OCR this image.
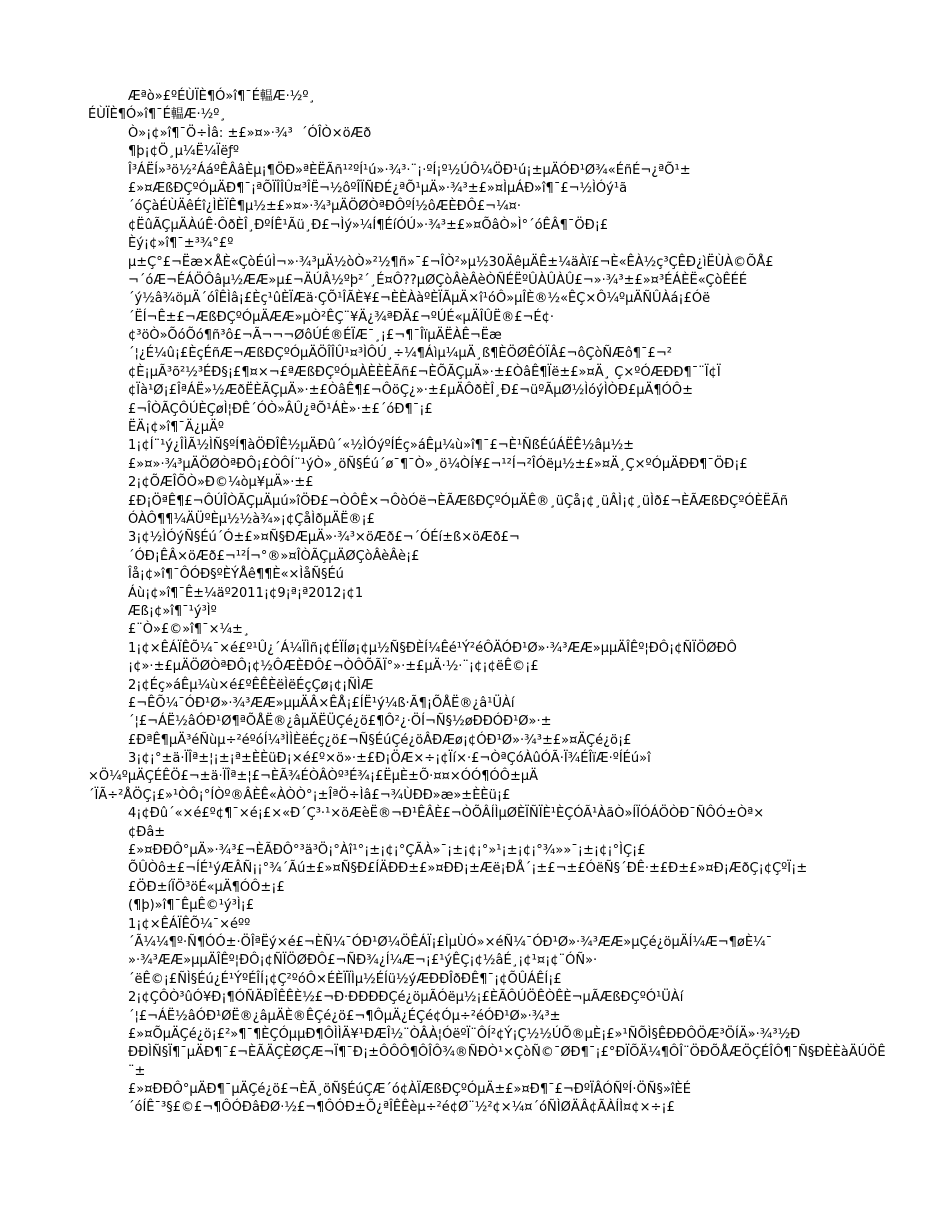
Æªò»£ºÉÙÏÈ¶Ó»î¶¯É輼Æ·½º¸
ÉÙÏÈ¶Ó»î¶¯É輼Æ·½º¸
Ò»¡¢»î¶¯Ö÷Ìâ: ±£»¤»·¾³  ´ÓÎÒ×öÆð
¶þ¡¢Ö¸µ¼Ë¼Ïëƒº
Î³ÁËÍ»³ö½²ÁáºÊÂâÈµ¡¶ÖÐ»ªÈËÃñ¹²ºÍ¹ú»·¾³·¨¡·ºÍ¡º½ÚÔ¼ÖÐ¹ú¡±µÄÓÐ¹Ø¾«ÉñÉ¬¿ªÕ¹±
£»¤ÆßÐÇºÓµÄÐ¶¯¡ªÕÏÎÎÛ¤³ÎË¬½ôºÎÏÑÐÉ¿ªÕ¹µÄ»·¾³±£»¤ÌµÁÐ»î¶¯£¬½ÌÓý¹ã
´óÇàÉÙÄêÉî¿ÌÈÏÊ¶µ½±£»¤»·¾³µÄÖØÒªÐÔºÍ½ôÆÈÐÔ£¬¼¤·
¢ËûÃÇµÄÀúÊ·ÔðÈÎ¸ÐºÍÊ¹Ãü¸Ð£¬Ìý»¼Í¶ÉíÓÚ»·¾³±£»¤ÕâÒ»Ì°´óÊÂ¶¯ÖÐ¡£
Èý¡¢»î¶¯±³¾°£º
µ±Ç°£¬Ëæ×ÅÈ«ÇòÉúÌ¬»·¾³µÄ½òÒ»²½¶ñ»¯£¬ÎÒ²»µ½30ÄêµÄÊ±¼äÀï£¬È«ÊÀ½ç³ÇÊÐ¿ìËÙÀ©ÕÅ£
¬´óÆ¬ÉÁÖÔâµ½ÆÆ»µ£¬ÄÚÂ½ºþ²´¸É¤Ô??µØÇòÂèÂèÒÑÉËºÛÀÛÀÛ£¬»·¾³±£»¤³ÉÁÈË«ÇòÊÉÉ
´ý½â¾öµÄ´óÎÊÌâ¡£Èç¹ûÈÏÆä·ÇÕ¹ÎÃÈ¥£¬ÈÈÀàºÈÏÃµÄ×î¹óÔ»µÎÈ®½«ÊÇ×Ô¼ºµÄÑÛÀá¡£Óë
´ËÍ¬Ê±£¬ÆßÐÇºÓµÄÆÆ»µÒ²ÊÇ¨¥Ä¿¾ªÐÄ£¬ºÚÉ«µÄÎÛË®£¬É¢·
¢³öÒ»ÕóÕó¶ñ³ô£¬Ã¬¬¬ØôÚÉ®ÉÏÆ¯¸¡£¬¶¯ÎïµÄËÀÊ¬Ëæ
´¦¿É¼û¡£ÈçÉñÆ¬ÆßÐÇºÓµÄÖÎÎÛ¹¤³ÌÔÚ¸÷¼¶Áìµ¼µÄ¸ß¶ÈÖØÊÓÏÂ£¬ôÇòÑÆô¶¯£¬²
¢È¡µÃ³õ²½³ÉÐ§¡£¶¤×¬£ªÆßÐÇºÓµÀÈÈÈÃñ£¬ÈÕÃÇµÄ»·±£ÒâÊ¶Ïë±£»¤Ä¸ Ç×ºÓÆÐÐ¶¯¨Ï¢Ï
¢Ïà¹Ø¡£ÎªÁË»½ÆðËÈÃÇµÄ»·±£ÒâÊ¶£¬ÔöÇ¿»·±£µÄÔðÈÎ¸Ð£¬üºÃµØ½ÌóýÌÒÐ£µÄ¶ÓÔ±
£¬ÎÒÃÇÔÚÈÇøÌ¦ÐÊ´ÓÒ»ÂÛ¿ªÕ¹ÁÈ»·±£´óÐ¶¯¡£
ËÄ¡¢»î¶¯Ä¿µÄº
1¡¢Í¨¹ý¿ÎÌÃ½ÌÑ§ºÍ¶àÖÐÎÊ½µÄÐû´«½ÌÓýºÍÉç»áÊµ¼ù»î¶¯£¬È¹ÑßÉúÁËÊ½âµ½±
£»¤»·¾³µÄÖØÒªÐÔ¡£ÒÔÍ¨¹ýÒ»¸öÑ§Éú´ø¯¶¯Ò»¸ö¼ÒÍ¥£¬¹²Í¬²ÎÓëµ½±£»¤Ä¸Ç×ºÓµÄÐÐ¶¯ÖÐ¡£
2¡¢ÕÆÎÕÒ»Ð©¼òµ¥µÄ»·±£
£Ð¡ÖªÊ¶£¬ÔÚÎÒÃÇµÄµú»îÖÐ£¬ÒÔÊ×¬ÔòÓë¬ÈÃÆßÐÇºÓµÄÊ®¸üÇå¡¢¸üÂÌ¡¢¸üÌð£¬ÈÃÆßÐÇºÓÈËÃñ
ÓÀÔ¶¶¼ÄÜºÈµ½½à¾»¡¢ÇåÌðµÄË®¡£
3¡¢½ÌÓýÑ§Éú´Ó±£»¤Ñ§ÐÆµÄ»·¾³×öÆð£¬´ÓÉí±ß×öÆð£¬
´ÓÐ¡ÊÂ×öÆð£¬¹²Í¬°®»¤ÎÒÃÇµÄØÇòÂèÂè¡£
Îå¡¢»î¶¯ÔÓÐ§ºÈÝÅê¶¶È«×ÌåÑ§Éú
Áù¡¢»î¶¯Ê±¼äº2011¡¢9¡ª¡ª2012¡¢1
Æß¡¢»î¶¯¹ý³Ìº
£¨Ò»£©»î¶¯×¼±¸
1¡¢×ÊÁÏÊÕ¼¯×é£º¹Û¿´Á¼ÏÌñ¡¢ÉÏÍø¡¢µ½Ñ§ÐÈÍ¼Êé¹Ý²éÔÄÓÐ¹Ø»·¾³ÆÆ»µµÄÎÊº¦ÐÔ¡¢ÑÏÖØÐÔ
¡¢»·±£µÄÖØÒªÐÔ¡¢½ÔÆÈÐÔ£¬ÒÔÕÃÏ°»·±£µÄ·½·¨¡¢¡¢ëÊ©¡£
2¡¢Éç»áÊµ¼ù×é£ºÊÊÈëÌëÉçÇø¡¢¡ÑÌÆ
£¬ÊÕ¼¯ÓÐ¹Ø»·¾³ÆÆ»µµÄÂ×ÊÅ¡£ÍË¹ý¼ß·Ã¶¡ÕÅË®¿â¹ÜÀí
´¦£¬ÁË½âÓÐ¹Ø¶ªÕÅË®¿âµÄËÜÇé¿ö£¶Ô²¿·ÖÍ¬Ñ§½øÐÐÓÐ¹Ø»·±
£ÐªÊ¶µÄ³éÑùµ÷²éºóÍ¼³ÌÌÈëÉç¿ö£¬Ñ§ÉúÇé¿öÂÐÆø¡¢ÓÐ¹Ø»·¾³±£»¤ÄÇé¿ö¡£
3¡¢¡°±ä·ÏÎª±¦¡±¡ª±ÈÈüÐ¡×é£º×ö»·±£Ð¡ÖÆ×÷¡¢Ïí×·£¬ÒªÇóÀûÓÃ·Ï¾ÉÎïÆ·ºÍÉú»î
×Ö¼ºµÄÇÉÊÖ£¬±ä·ÏÎª±¦£¬ÈÃ¾ÉÒÂÒº³É¾¡£ËµÈ±Õ·¤¤×ÓÓ¶ÓÔ±µÄ
´ÏÃ÷²ÅÖÇ¡£»¹ÒÔ¡°ÍÒº®ÂÈÊ«ÀÒÒ°¡±ÎªÖ÷Ìâ£¬¾ÙÐÐ»æ»±ÈÈü¡£
4¡¢Ðû´«×é£º¢¶¯×é¡£×«Ð´Ç³·¹×öÆèË®¬Ð¹ÊÂÈ£¬ÒÕÂÍÌµØÈÏÑÏÈ¹ÈÇÓÃ¹ÀãÒ»ÍÏÓÁÖÒÐ¯ÑÔÓ±Òª×
¢Ðâ±
£»¤ÐÐÔ°µÄ»·¾³£¬ÈÃÐÔ°³ä³Ö¡°Àî¹°¡±¡¢¡°ÇÃÀ»¯¡±¡¢¡°»¹¡±¡¢¡°¾»»¯¡±¡¢¡°ÌÇ¡£
ÕÛÒô±£¬ÍÉ¹ýÆÂÑ¡¡°¾´Ãú±£»¤Ñ§Ð£ÍÄÐÐ±£»¤ÐÐ¡±Æë¡ÐÅ´¡±£¬±£ÓëÑ§´ÐÊ·±£Ð±£»¤Ð¡ÆðÇ¡¢ÇºÏ¡±
£ÖÐ±íÏÖ³öÉ«µÄ¶ÓÔ±¡£
(¶þ)»î¶¯ÊµÊ©¹ý³Ì¡£
1¡¢×ÊÁÏÊÕ¼¯×éºº
´Ã¼¼¶º·Ñ¶ÓÓ±·ÖÎªËý×é£¬ÈÑ¼¯ÓÐ¹Ø¼ÖÊÁÏ¡£ÌµÙÓ»×éÑ¼¯ÓÐ¹Ø»·¾³ÆÆ»µÇé¿öµÄÍ¼Æ¬¶øÈ¼¯
»·¾³ÆÆ»µµÄÎÊº¦ÐÔ¡¢ÑÏÖØÐÔ£¬ÑÐ¾¿Í¼Æ¬¡£¹ýÊÇ¡¢½âÉ¸¡¢¹¤¡¢¨ÓÑ»·
´ëÊ©¡£ÑÌ§Éú¿É¹ÝºÉÎÍ¡¢Ç²ºóÔ×ÉÈÏÏÌµ½ÉÍü½ýÆÐÐÎðÐÊ¶¯¡¢ÕÛÁÊÍ¡£
2¡¢ÇÔÒ³ûÓ¥Ð¡¶ÓÑÄÐÎÊÊÈ½£¬Ð·ÐÐÐÐÇé¿öµÃÓëµ½¡£ÈÃÔÚÖÊÒÊÈ¬µÃÆßÐÇºÓ¹ÜÀí
´¦£¬ÁË½âÓÐ¹ØË®¿âµÄÈ®ÊÇé¿ö£¬¶ÔµÄ¿ÉÇé¢Óµ÷²éÓÐ¹Ø»·¾³±
£»¤ÕµÄÇé¿ö¡£²»¶¯¶ÈÇÓµµÐ¶ÔÌÌÄ¥¹ÐÆÎ½¨ÒÂÀ¦ÓëºÏ¨ÔÍ²¢Ý¡Ç½½ÚÕ®µÈ¡£»¹ÑÕÌ§ÊÐÐÔÖÆ³ÖÍÄ»·¾³½Ð
ÐÐÌÑ§Ï¶¯µÄÐ¶¯£¬ÈÃÄÇÈØÇÆ¬Ï¶¯Ð¡±ÔÔÔ¶ÔÎÔ¾®ÑÐÒ¹×ÇòÑ©¯ØÐ¶¯¡£°ÐÏÕÄ¼¶ÔÎ¨ÖÐÕÅÆÖÇÉÎÔ¶¯Ñ§ÐÈÈàÄÚÖÊ
¨±
£»¤ÐÐÔ°µÄÐ¶¯µÄÇé¿ö£¬ÈÃ¸öÑ§ÉúÇÆ´ó¢ÀÏÆßÐÇºÓµÄ±£»¤Ð¶¯£¬ÐºÏÂÓÑºÍ·ÖÑ§»îÈÉ
´óÍÊ¯³§£©£¬¶ÔÓÐâÐØ·½£¬¶ÔÓÐ±Õ¿ªÎÊÊèµ÷²é¢Ø¨½²¢×¼¤´óÑÌØÄÂ¢ÃÀÍÌ¤¢×÷¡£
